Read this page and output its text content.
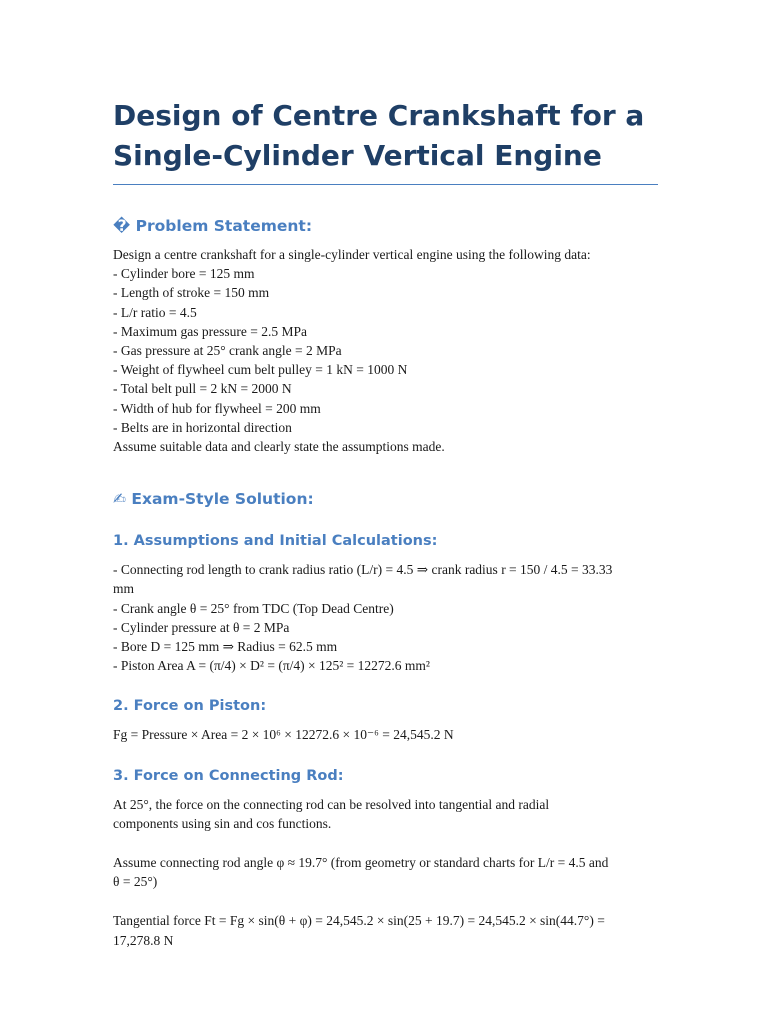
Design of Centre Crankshaft for a
Single-Cylinder Vertical Engine
� Problem Statement:

Design a centre crankshaft for a single-cylinder vertical engine using the following data:

- Cylinder bore = 125 mm

- Length of stroke = 150 mm

- L/r ratio = 4.5

- Maximum gas pressure = 2.5 MPa

- Gas pressure at 25° crank angle = 2 MPa

- Weight of flywheel cum belt pulley = 1 kN = 1000 N

- Total belt pull = 2 kN = 2000 N

- Width of hub for flywheel = 200 mm

- Belts are in horizontal direction

Assume suitable data and clearly state the assumptions made.

✍ Exam-Style Solution:
1. Assumptions and Initial Calculations:

- Connecting rod length to crank radius ratio (L/r) = 4.5 ⇒ crank radius r = 150 / 4.5 = 33.33

mm

- Crank angle θ = 25° from TDC (Top Dead Centre)

- Cylinder pressure at θ = 2 MPa

- Bore D = 125 mm ⇒ Radius = 62.5 mm

- Piston Area A = (π/4) × D² = (π/4) × 125² = 12272.6 mm²

2. Force on Piston:

Fg = Pressure × Area = 2 × 10⁶ × 12272.6 × 10⁻⁶ = 24,545.2 N

3. Force on Connecting Rod:

At 25°, the force on the connecting rod can be resolved into tangential and radial

components using sin and cos functions.

Assume connecting rod angle φ ≈ 19.7° (from geometry or standard charts for L/r = 4.5 and

θ = 25°)

Tangential force Ft = Fg × sin(θ + φ) = 24,545.2 × sin(25 + 19.7) = 24,545.2 × sin(44.7°) =

17,278.8 N
